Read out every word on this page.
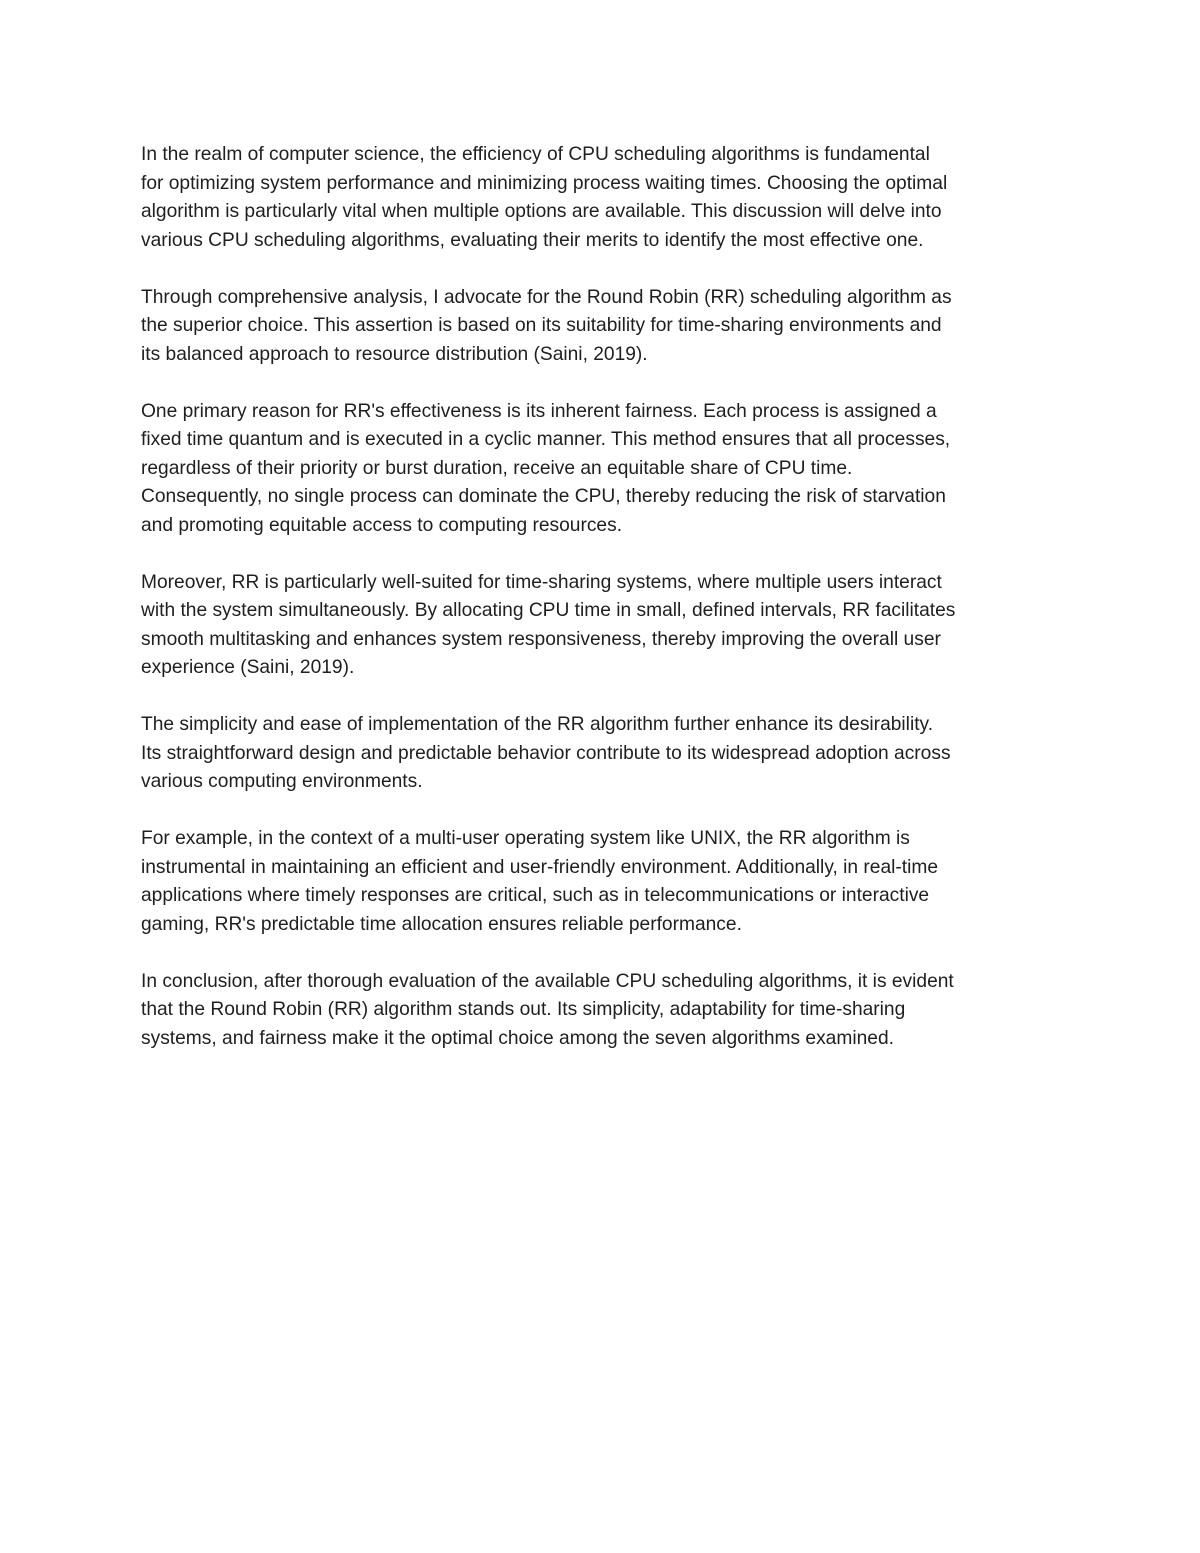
In the realm of computer science, the efficiency of CPU scheduling algorithms is fundamental
for optimizing system performance and minimizing process waiting times. Choosing the optimal
algorithm is particularly vital when multiple options are available. This discussion will delve into
various CPU scheduling algorithms, evaluating their merits to identify the most effective one.

Through comprehensive analysis, I advocate for the Round Robin (RR) scheduling algorithm as
the superior choice. This assertion is based on its suitability for time-sharing environments and
its balanced approach to resource distribution (Saini, 2019).

One primary reason for RR's effectiveness is its inherent fairness. Each process is assigned a
fixed time quantum and is executed in a cyclic manner. This method ensures that all processes,
regardless of their priority or burst duration, receive an equitable share of CPU time.
Consequently, no single process can dominate the CPU, thereby reducing the risk of starvation
and promoting equitable access to computing resources.

Moreover, RR is particularly well-suited for time-sharing systems, where multiple users interact
with the system simultaneously. By allocating CPU time in small, defined intervals, RR facilitates
smooth multitasking and enhances system responsiveness, thereby improving the overall user
experience (Saini, 2019).

The simplicity and ease of implementation of the RR algorithm further enhance its desirability.
Its straightforward design and predictable behavior contribute to its widespread adoption across
various computing environments.

For example, in the context of a multi-user operating system like UNIX, the RR algorithm is
instrumental in maintaining an efficient and user-friendly environment. Additionally, in real-time
applications where timely responses are critical, such as in telecommunications or interactive
gaming, RR's predictable time allocation ensures reliable performance.

In conclusion, after thorough evaluation of the available CPU scheduling algorithms, it is evident
that the Round Robin (RR) algorithm stands out. Its simplicity, adaptability for time-sharing
systems, and fairness make it the optimal choice among the seven algorithms examined.
